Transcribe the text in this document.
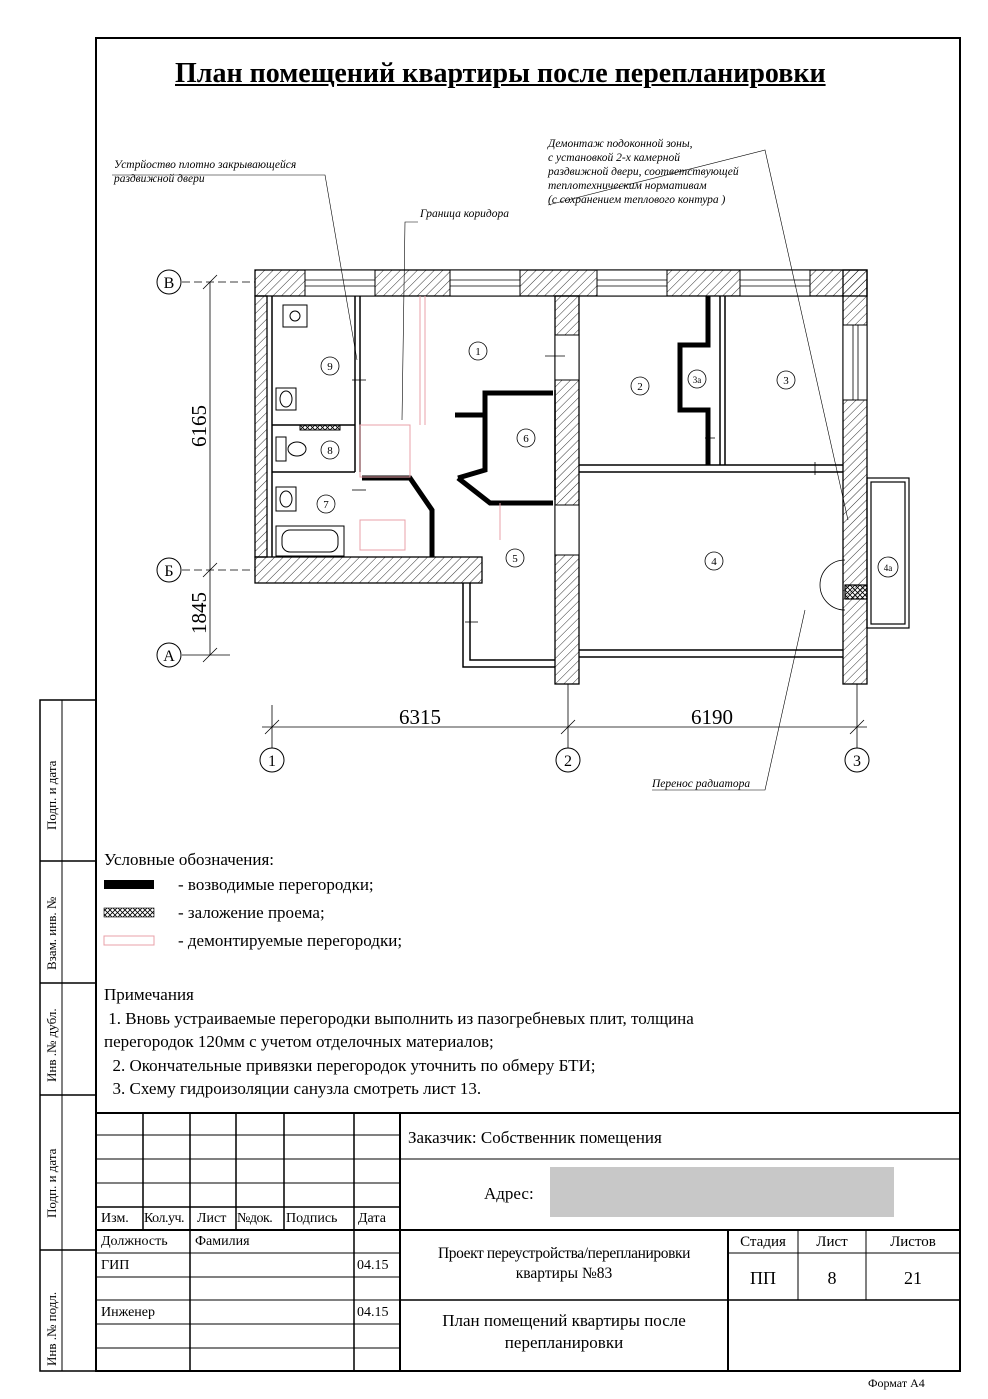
1
2	3
3а
4	4а
5
6
7
8
9
В
Б
А
1	2	3
6165
1845
6315	6190
План помещений квартиры после перепланировки
Устрйоство плотно закрывающейся
раздвижной двери
Граница коридора
Демонтаж подоконной зоны,
с установкой 2-х камерной
раздвижной двери, соответствующей
теплотехническим нормативам
(с сохранением теплового контура )
Перенос радиатора
Условные обозначения:
- возводимые перегородки;
- заложение проема;
- демонтируемые перегородки;
Примечания
1. Вновь устраиваемые перегородки выполнить из пазогребневых плит, толщина
перегородок 120мм с учетом отделочных материалов;
2. Окончательные привязки перегородок уточнить по обмеру БТИ;
3. Схему гидроизоляции санузла смотреть лист 13.
Заказчик: Собственник помещения
Адрес:
Изм. Кол.уч. Лист №док. Подпись Дата
Должность Фамилия
ГИП	04.15
Инженер	04.15
Проект переустройства/перепланировки
квартиры №83
План помещений квартиры после
перепланировки
Стадия	Лист	Листов
ПП	8	21
Подп. и дата
Взам. инв. №
Инв .№ дубл.
Подп. и дата
Инв .№ подл.
Формат А4
